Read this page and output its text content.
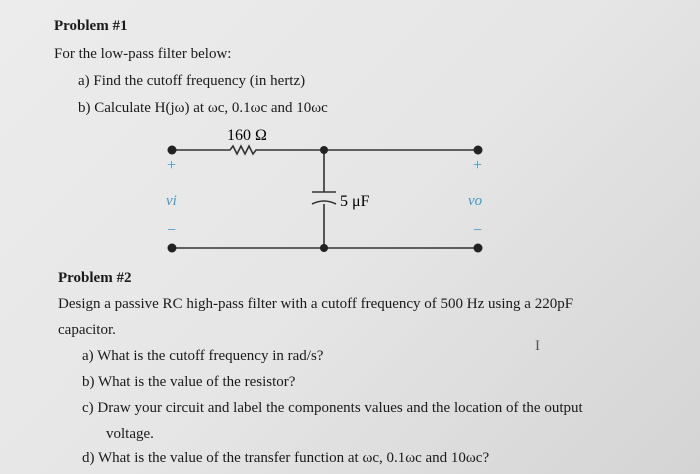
Problem #1
For the low-pass filter below:
a) Find the cutoff frequency (in hertz)
b) Calculate H(jω) at ωc, 0.1ωc and 10ωc
160 Ω
5 μF
+
vi
−
+
vo
−
Problem #2
Design a passive RC high-pass filter with a cutoff frequency of 500 Hz using a 220pF
capacitor.
a) What is the cutoff frequency in rad/s?
b) What is the value of the resistor?
c) Draw your circuit and label the components values and the location of the output
voltage.
d) What is the value of the transfer function at ωc, 0.1ωc and 10ωc?
I
